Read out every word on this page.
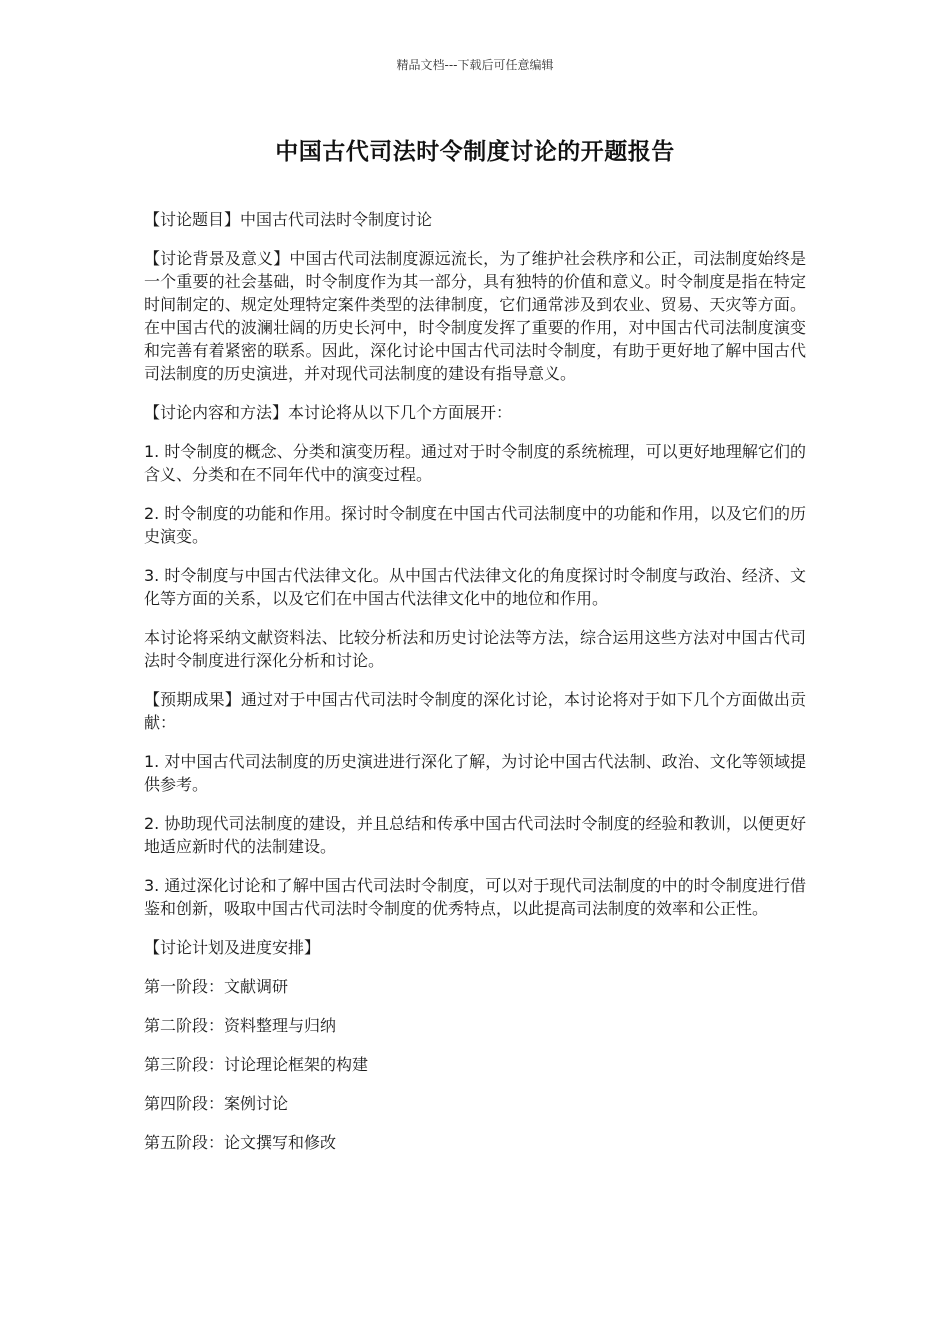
精品文档---下载后可任意编辑
中国古代司法时令制度讨论的开题报告

【讨论题目】中国古代司法时令制度讨论

【讨论背景及意义】中国古代司法制度源远流长，为了维护社会秩序和公正，司法制度始终是一个重要的社会基础，时令制度作为其一部分，具有独特的价值和意义。时令制度是指在特定时间制定的、规定处理特定案件类型的法律制度，它们通常涉及到农业、贸易、天灾等方面。在中国古代的波澜壮阔的历史长河中，时令制度发挥了重要的作用，对中国古代司法制度演变和完善有着紧密的联系。因此，深化讨论中国古代司法时令制度，有助于更好地了解中国古代司法制度的历史演进，并对现代司法制度的建设有指导意义。

【讨论内容和方法】本讨论将从以下几个方面展开：

1. 时令制度的概念、分类和演变历程。通过对于时令制度的系统梳理，可以更好地理解它们的含义、分类和在不同年代中的演变过程。

2. 时令制度的功能和作用。探讨时令制度在中国古代司法制度中的功能和作用，以及它们的历史演变。

3. 时令制度与中国古代法律文化。从中国古代法律文化的角度探讨时令制度与政治、经济、文化等方面的关系，以及它们在中国古代法律文化中的地位和作用。

本讨论将采纳文献资料法、比较分析法和历史讨论法等方法，综合运用这些方法对中国古代司法时令制度进行深化分析和讨论。

【预期成果】通过对于中国古代司法时令制度的深化讨论，本讨论将对于如下几个方面做出贡献：

1. 对中国古代司法制度的历史演进进行深化了解，为讨论中国古代法制、政治、文化等领域提供参考。

2. 协助现代司法制度的建设，并且总结和传承中国古代司法时令制度的经验和教训，以便更好地适应新时代的法制建设。

3. 通过深化讨论和了解中国古代司法时令制度，可以对于现代司法制度的中的时令制度进行借鉴和创新，吸取中国古代司法时令制度的优秀特点，以此提高司法制度的效率和公正性。

【讨论计划及进度安排】

第一阶段：文献调研

第二阶段：资料整理与归纳

第三阶段：讨论理论框架的构建

第四阶段：案例讨论

第五阶段：论文撰写和修改
